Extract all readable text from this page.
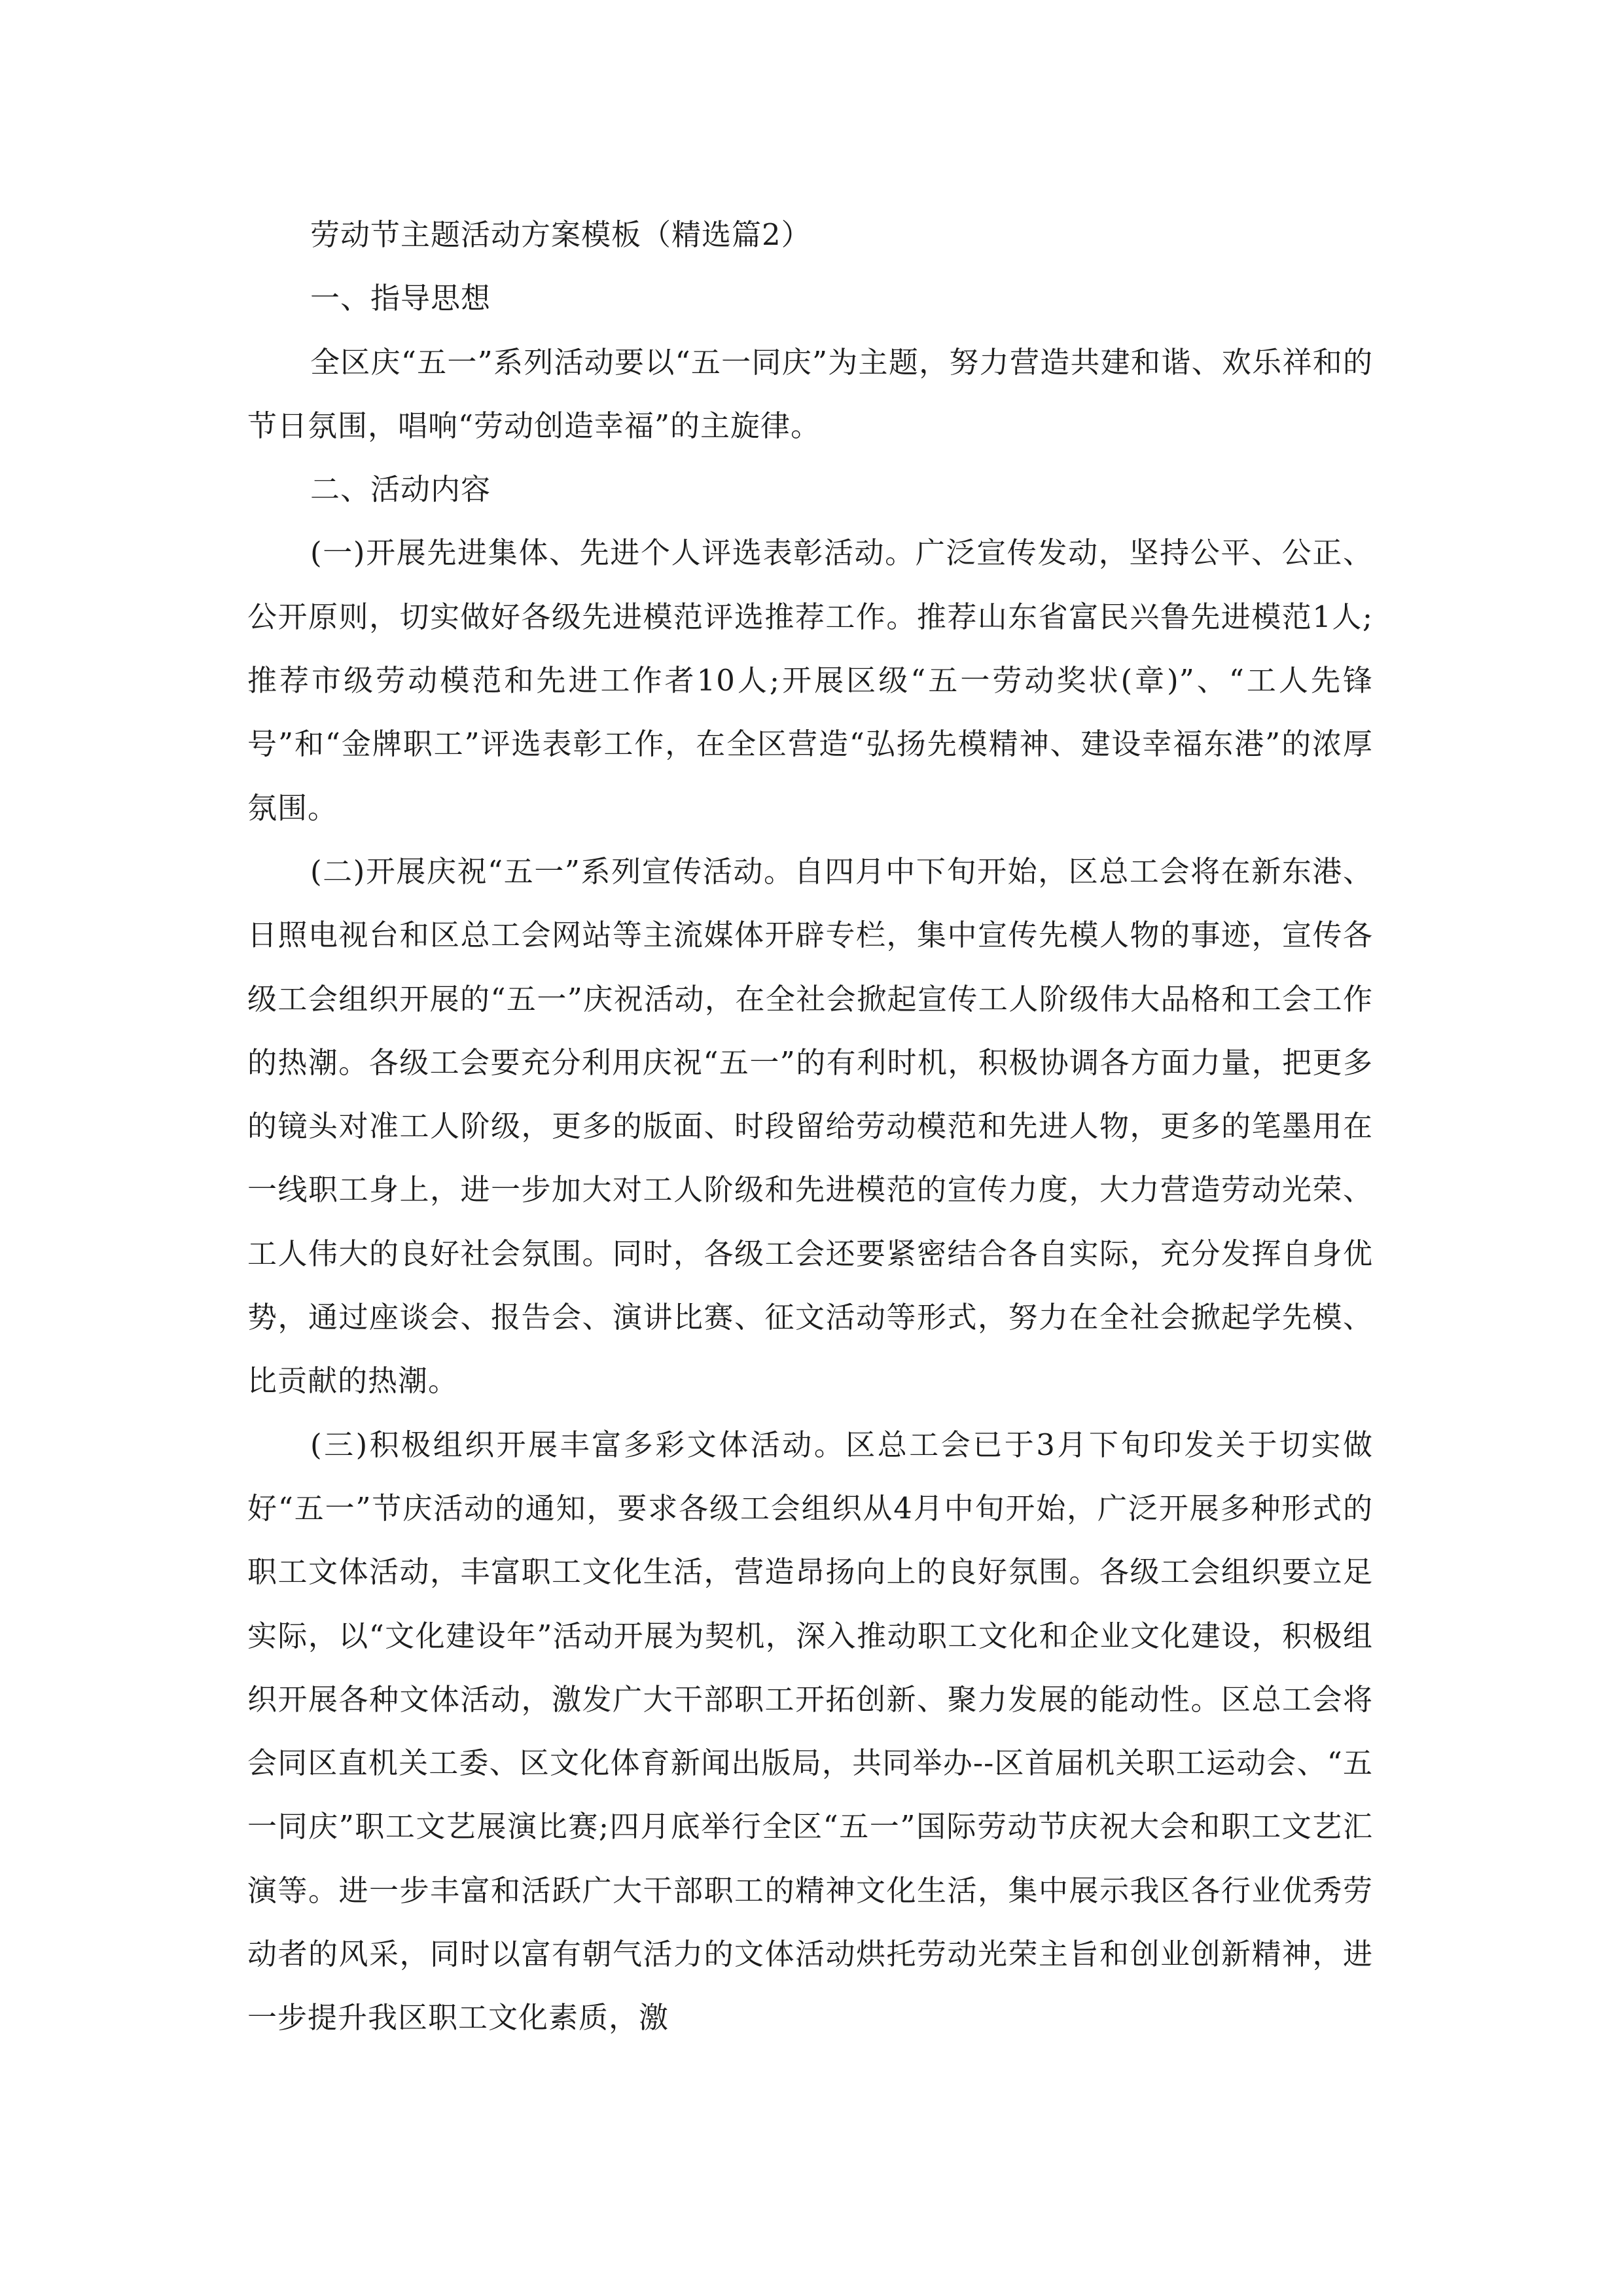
劳动节主题活动方案模板（精选篇2）

一、指导思想

全区庆“五一”系列活动要以“五一同庆”为主题，努力营造共建和谐、欢乐祥和的节日氛围，唱响“劳动创造幸福”的主旋律。

二、活动内容

(一)开展先进集体、先进个人评选表彰活动。广泛宣传发动，坚持公平、公正、公开原则，切实做好各级先进模范评选推荐工作。推荐山东省富民兴鲁先进模范1人;推荐市级劳动模范和先进工作者10人;开展区级“五一劳动奖状(章)”、“工人先锋号”和“金牌职工”评选表彰工作，在全区营造“弘扬先模精神、建设幸福东港”的浓厚氛围。

(二)开展庆祝“五一”系列宣传活动。自四月中下旬开始，区总工会将在新东港、日照电视台和区总工会网站等主流媒体开辟专栏，集中宣传先模人物的事迹，宣传各级工会组织开展的“五一”庆祝活动，在全社会掀起宣传工人阶级伟大品格和工会工作的热潮。各级工会要充分利用庆祝“五一”的有利时机，积极协调各方面力量，把更多的镜头对准工人阶级，更多的版面、时段留给劳动模范和先进人物，更多的笔墨用在一线职工身上，进一步加大对工人阶级和先进模范的宣传力度，大力营造劳动光荣、工人伟大的良好社会氛围。同时，各级工会还要紧密结合各自实际，充分发挥自身优势，通过座谈会、报告会、演讲比赛、征文活动等形式，努力在全社会掀起学先模、比贡献的热潮。

(三)积极组织开展丰富多彩文体活动。区总工会已于3月下旬印发关于切实做好“五一”节庆活动的通知，要求各级工会组织从4月中旬开始，广泛开展多种形式的职工文体活动，丰富职工文化生活，营造昂扬向上的良好氛围。各级工会组织要立足实际，以“文化建设年”活动开展为契机，深入推动职工文化和企业文化建设，积极组织开展各种文体活动，激发广大干部职工开拓创新、聚力发展的能动性。区总工会将会同区直机关工委、区文化体育新闻出版局，共同举办--区首届机关职工运动会、“五一同庆”职工文艺展演比赛;四月底举行全区“五一”国际劳动节庆祝大会和职工文艺汇演等。进一步丰富和活跃广大干部职工的精神文化生活，集中展示我区各行业优秀劳动者的风采，同时以富有朝气活力的文体活动烘托劳动光荣主旨和创业创新精神，进一步提升我区职工文化素质，激
